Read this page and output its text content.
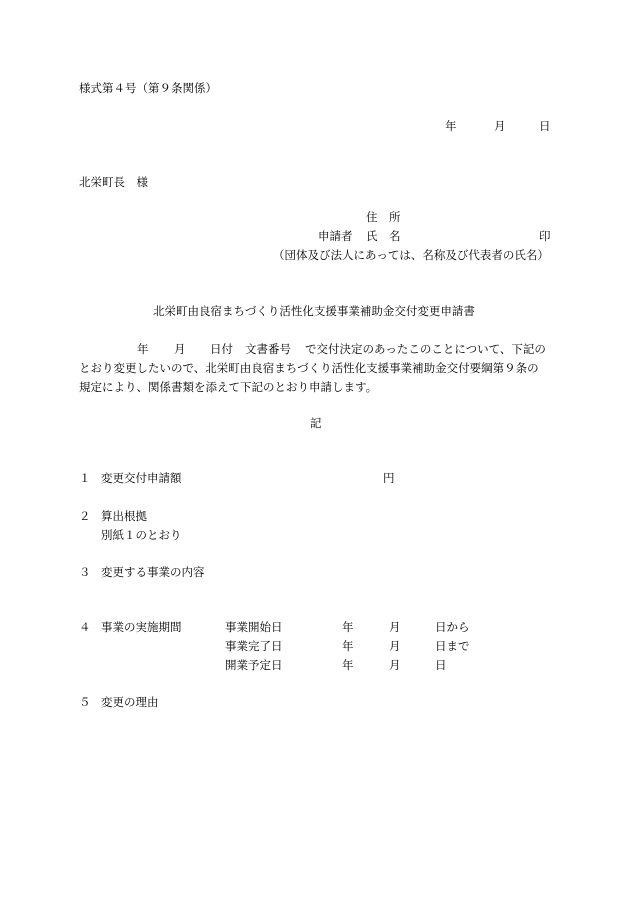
様式第４号（第９条関係）
年	月	日
北栄町長　様
住　所
申請者 氏　名	印
（団体及び法人にあっては、名称及び代表者の氏名）
北栄町由良宿まちづくり活性化支援事業補助金交付変更申請書
年 月 日付 文書番号 で交付決定のあったこのことについて、下記の
とおり変更したいので、北栄町由良宿まちづくり活性化支援事業補助金交付要綱第９条の
規定により、関係書類を添えて下記のとおり申請します。
記
１ 変更交付申請額	円
２ 算出根拠
別紙１のとおり
３ 変更する事業の内容
４ 事業の実施期間	事業開始日	年	月	日から
事業完了日	年	月	日まで
開業予定日	年	月	日
５ 変更の理由
